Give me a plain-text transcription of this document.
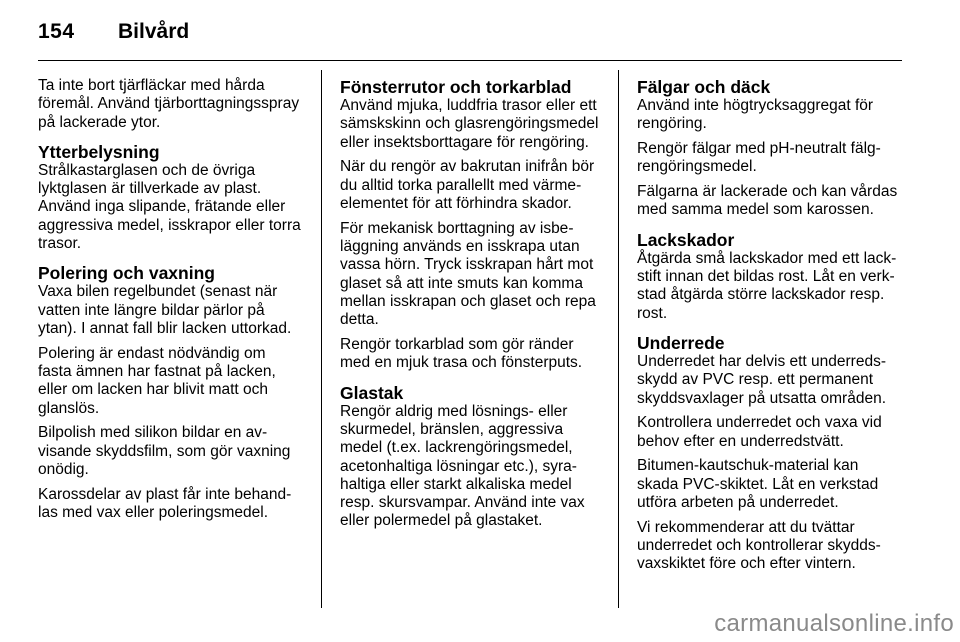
154 Bilvård

Ta inte bort tjärfläckar med hårda föremål. Använd tjärborttagningsspray på lackerade ytor.

Ytterbelysning

Strålkastarglasen och de övriga lyktglasen är tillverkade av plast. Använd inga slipande, frätande eller aggressiva medel, isskrapor eller torra trasor.

Polering och vaxning

Vaxa bilen regelbundet (senast när vatten inte längre bildar pärlor på ytan). I annat fall blir lacken uttorkad.

Polering är endast nödvändig om fasta ämnen har fastnat på lacken, eller om lacken har blivit matt och glanslös.

Bilpolish med silikon bildar en avvisande skyddsfilm, som gör vaxning onödig.

Karossdelar av plast får inte behandlas med vax eller poleringsmedel.

Fönsterrutor och torkarblad

Använd mjuka, luddfria trasor eller ett sämskskinn och glasrengöringsmedel eller insektsborttagare för rengöring.

När du rengör av bakrutan inifrån bör du alltid torka parallellt med värmeelementet för att förhindra skador.

För mekanisk borttagning av isbeläggning används en isskrapa utan vassa hörn. Tryck isskrapan hårt mot glaset så att inte smuts kan komma mellan isskrapan och glaset och repa detta.

Rengör torkarblad som gör ränder med en mjuk trasa och fönsterputs.

Glastak

Rengör aldrig med lösnings- eller skurmedel, bränslen, aggressiva medel (t.ex. lackrengöringsmedel, acetonhaltiga lösningar etc.), syrahaltiga eller starkt alkaliska medel resp. skursvampar. Använd inte vax eller polermedel på glastaket.

Fälgar och däck

Använd inte högtrycksaggregat för rengöring.

Rengör fälgar med pH-neutralt fälgrengöringsmedel.

Fälgarna är lackerade och kan vårdas med samma medel som karossen.

Lackskador

Åtgärda små lackskador med ett lackstift innan det bildas rost. Låt en verkstad åtgärda större lackskador resp. rost.

Underrede

Underredet har delvis ett underredsskydd av PVC resp. ett permanent skyddsvaxlager på utsatta områden.

Kontrollera underredet och vaxa vid behov efter en underredstvätt.

Bitumen-kautschuk-material kan skada PVC-skiktet. Låt en verkstad utföra arbeten på underredet.

Vi rekommenderar att du tvättar underredet och kontrollerar skyddsvaxskiktet före och efter vintern.

carmanualsonline.info
